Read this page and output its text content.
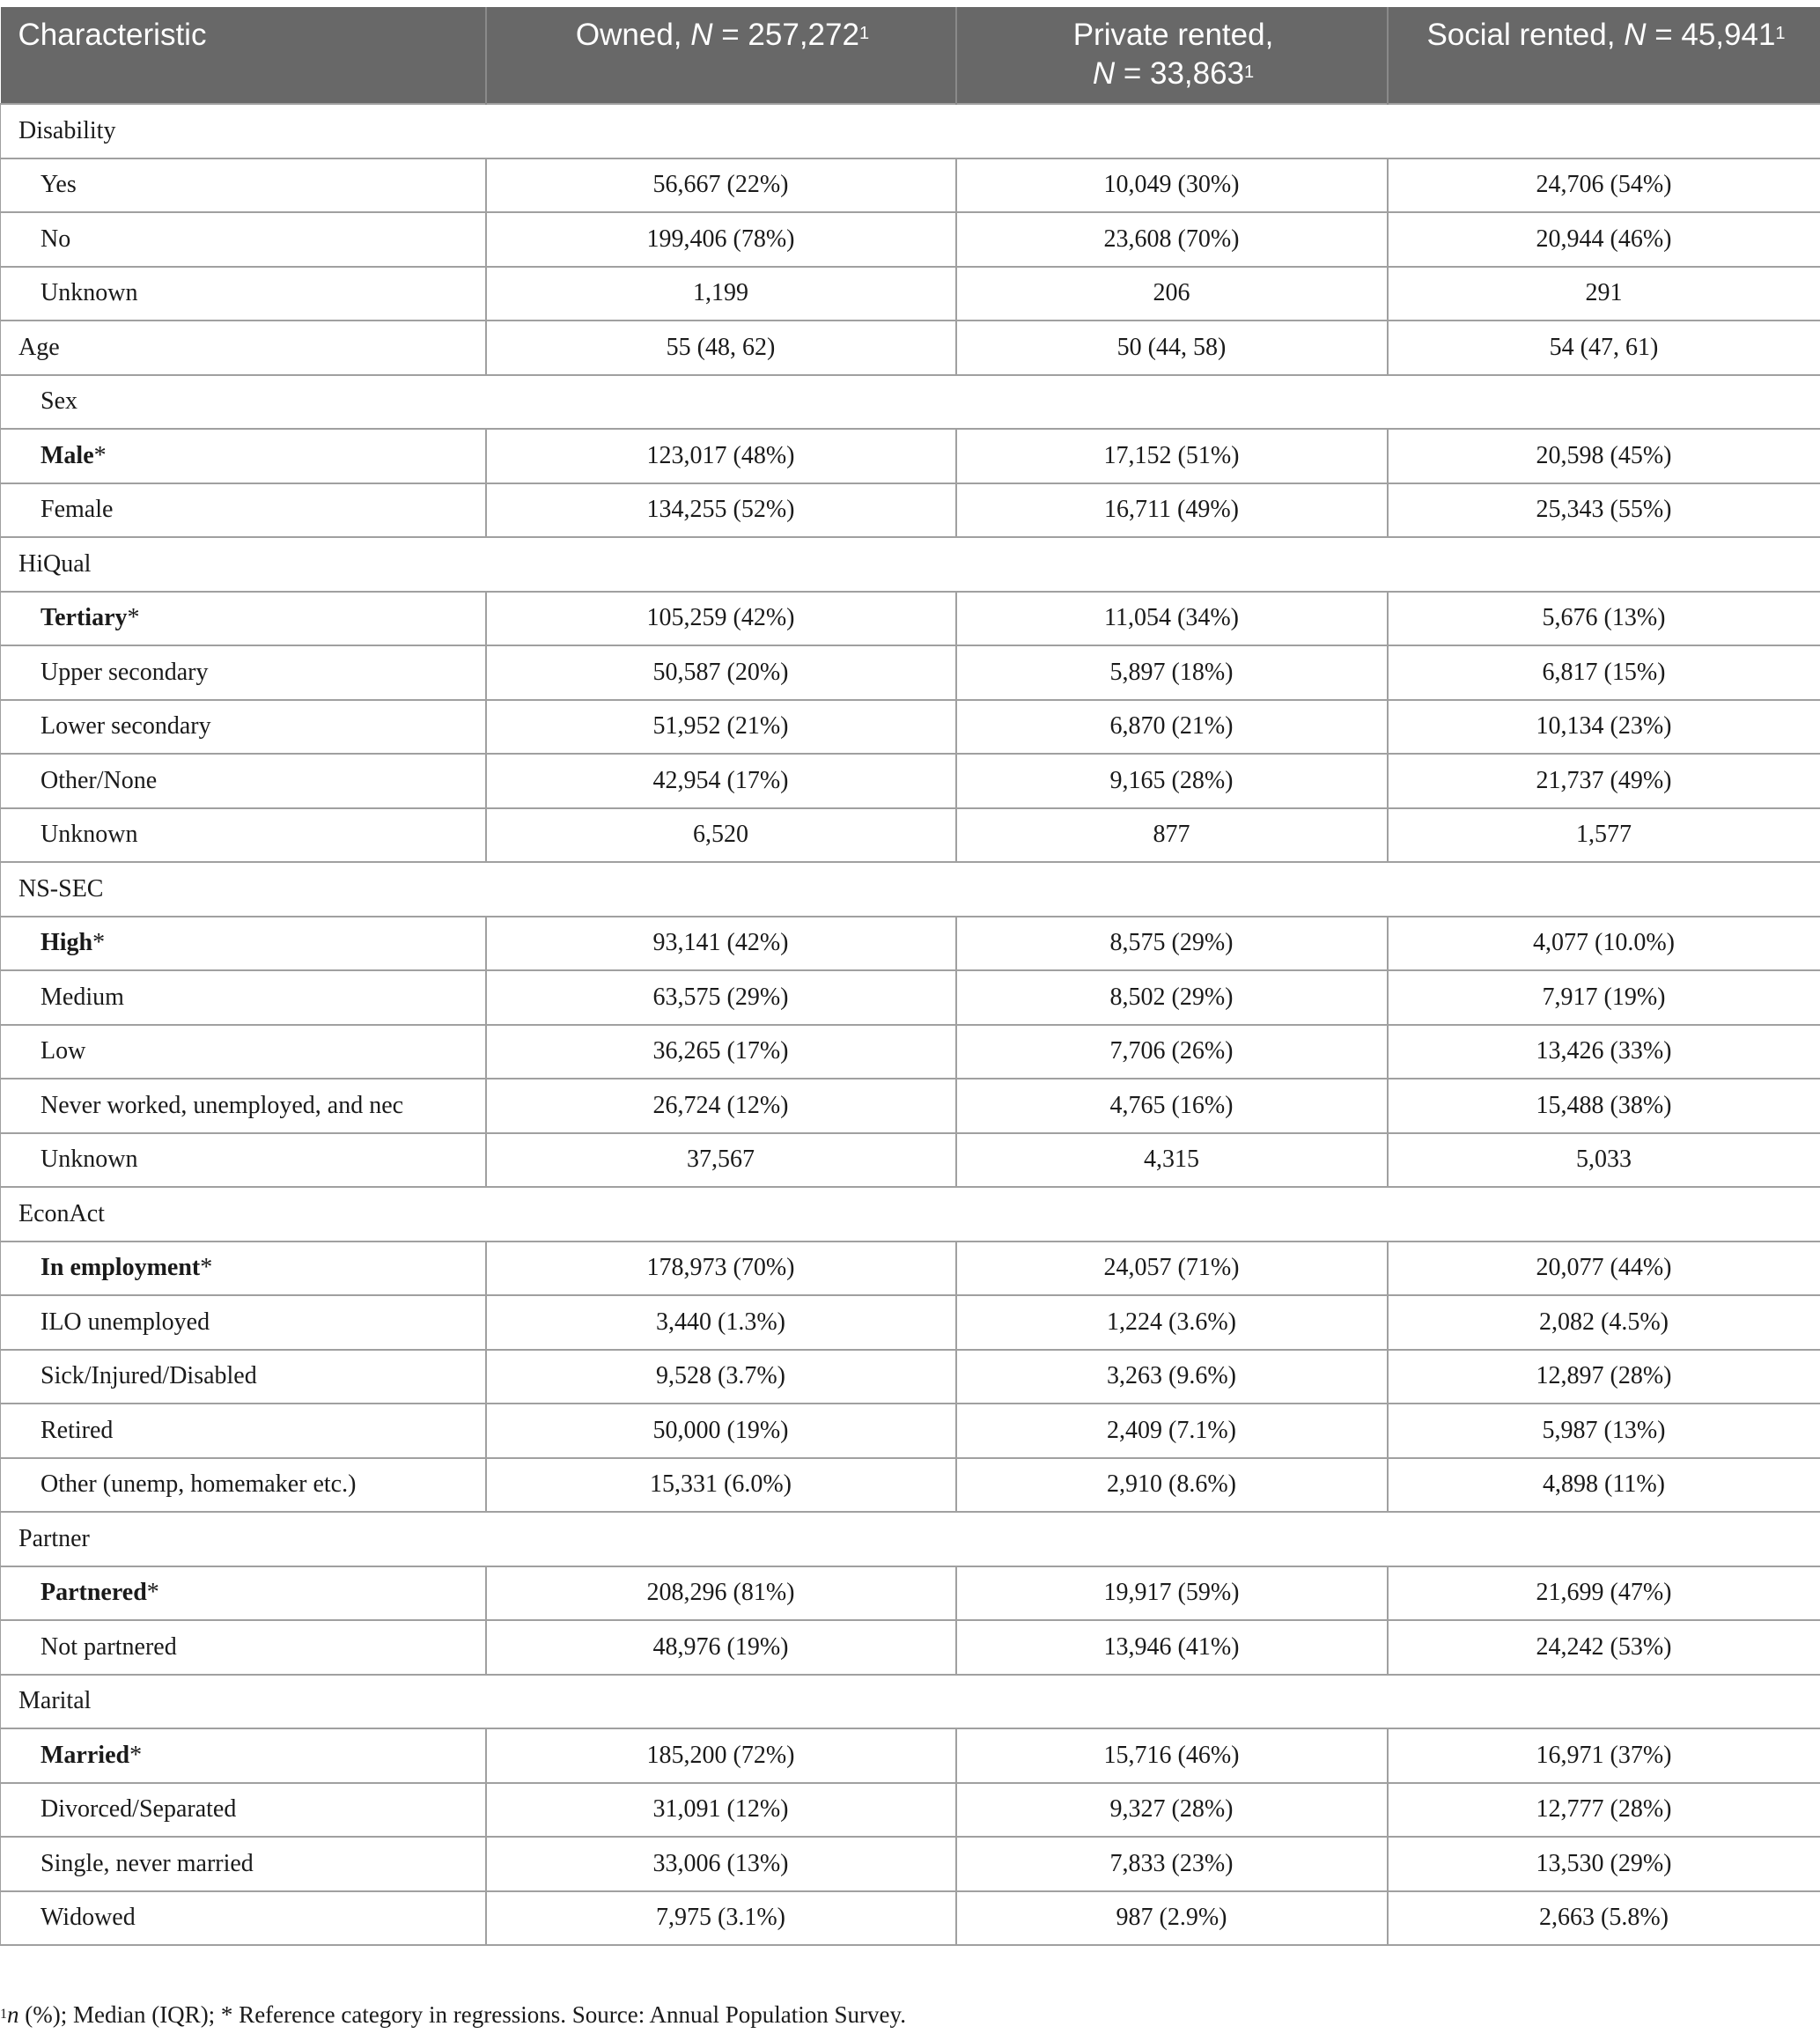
Characteristic	Owned, $N = 257,272^1$	Private rented,
$N = 33,863^1$	Social rented, $N = 45,941^1$
Disability			
Yes	56,667 (22%)	10,049 (30%)	24,706 (54%)
No	199,406 (78%)	23,608 (70%)	20,944 (46%)
Unknown	1,199	206	291
Age	55 (48, 62)	50 (44, 58)	54 (47, 61)
Sex			
Male*	123,017 (48%)	17,152 (51%)	20,598 (45%)
Female	134,255 (52%)	16,711 (49%)	25,343 (55%)
HiQual			
Tertiary*	105,259 (42%)	11,054 (34%)	5,676 (13%)
Upper secondary	50,587 (20%)	5,897 (18%)	6,817 (15%)
Lower secondary	51,952 (21%)	6,870 (21%)	10,134 (23%)
Other/None	42,954 (17%)	9,165 (28%)	21,737 (49%)
Unknown	6,520	877	1,577
NS-SEC			
High*	93,141 (42%)	8,575 (29%)	4,077 (10.0%)
Medium	63,575 (29%)	8,502 (29%)	7,917 (19%)
Low	36,265 (17%)	7,706 (26%)	13,426 (33%)
Never worked, unemployed, and nec	26,724 (12%)	4,765 (16%)	15,488 (38%)
Unknown	37,567	4,315	5,033
EconAct			
In employment*	178,973 (70%)	24,057 (71%)	20,077 (44%)
ILO unemployed	3,440 (1.3%)	1,224 (3.6%)	2,082 (4.5%)
Sick/Injured/Disabled	9,528 (3.7%)	3,263 (9.6%)	12,897 (28%)
Retired	50,000 (19%)	2,409 (7.1%)	5,987 (13%)
Other (unemp, homemaker etc.)	15,331 (6.0%)	2,910 (8.6%)	4,898 (11%)
Partner			
Partnered*	208,296 (81%)	19,917 (59%)	21,699 (47%)
Not partnered	48,976 (19%)	13,946 (41%)	24,242 (53%)
Marital			
Married*	185,200 (72%)	15,716 (46%)	16,971 (37%)
Divorced/Separated	31,091 (12%)	9,327 (28%)	12,777 (28%)
Single, never married	33,006 (13%)	7,833 (23%)	13,530 (29%)
Widowed	7,975 (3.1%)	987 (2.9%)	2,663 (5.8%)
$^1$n (%); Median (IQR); * Reference category in regressions. Source: Annual Population Survey.
